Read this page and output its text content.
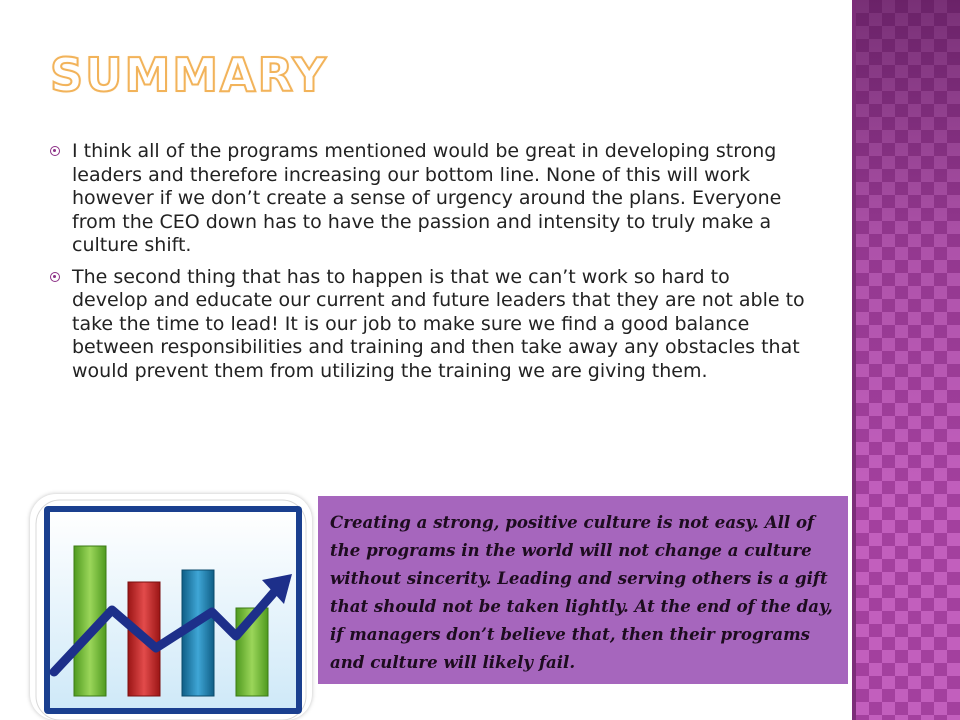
SUMMARY
I think all of the programs mentioned would be great in developing strong leaders and therefore increasing our bottom line. None of this will work however if we don’t create a sense of urgency around the plans. Everyone from the CEO down has to have the passion and intensity to truly make a culture shift.
The second thing that has to happen is that we can’t work so hard to develop and educate our current and future leaders that they are not able to take the time to lead! It is our job to make sure we find a good balance between responsibilities and training and then take away any obstacles that would prevent them from utilizing the training we are giving them.
Creating a strong, positive culture is not easy. All of the programs in the world will not change a culture without sincerity. Leading and serving others is a gift that should not be taken lightly. At the end of the day, if managers don’t believe that, then their programs and culture will likely fail.
